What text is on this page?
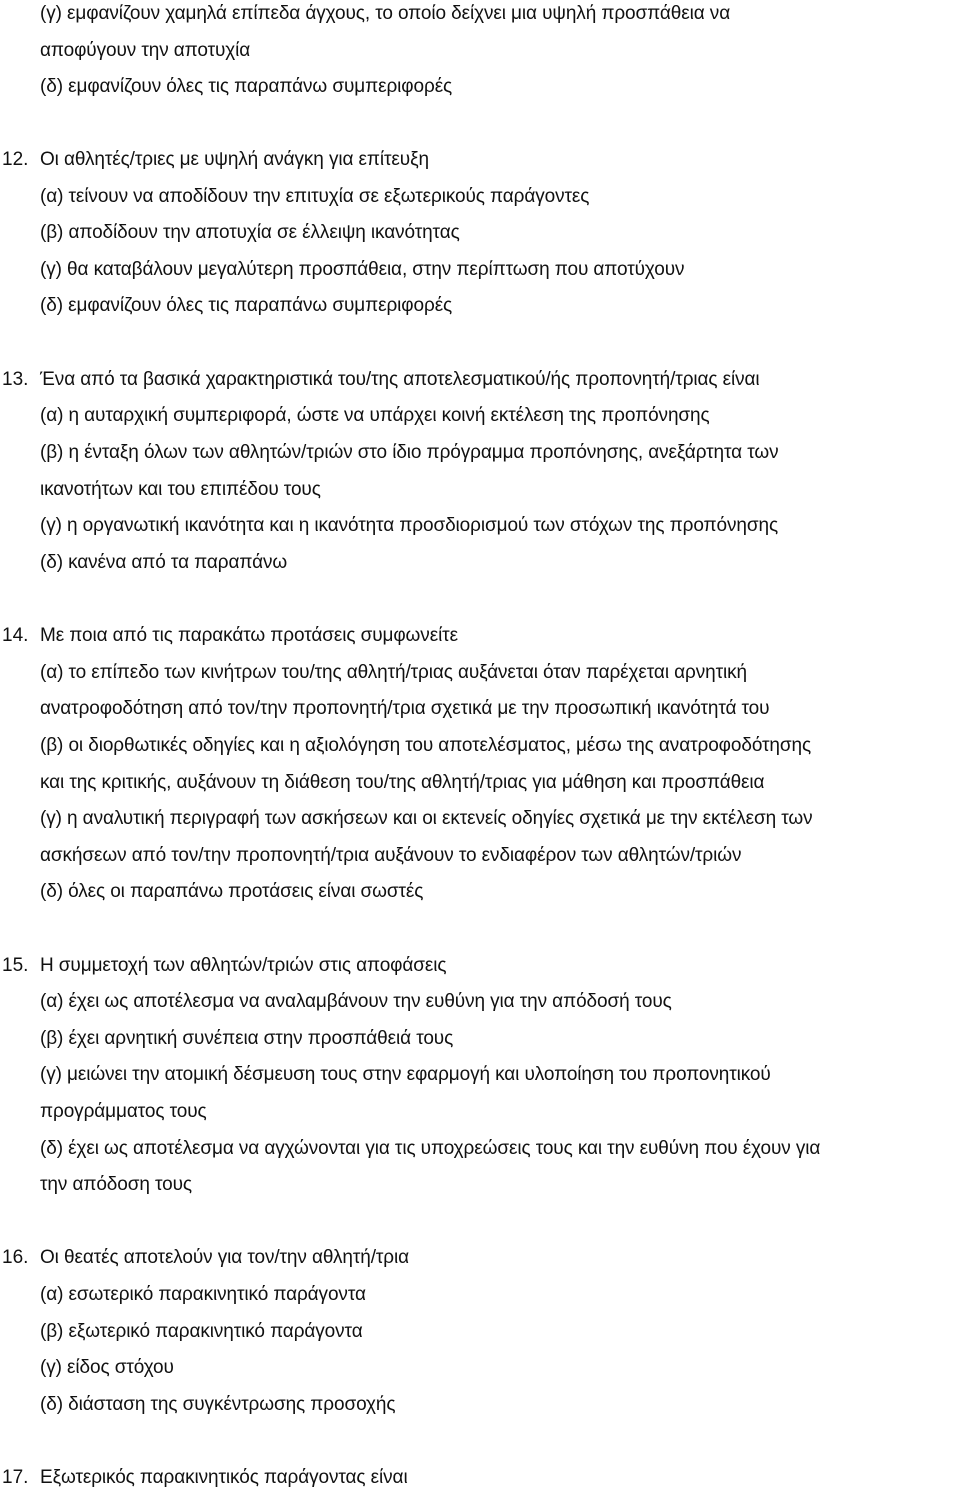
(γ) εμφανίζουν χαμηλά επίπεδα άγχους, το οποίο δείχνει μια υψηλή προσπάθεια να
αποφύγουν την αποτυχία
(δ) εμφανίζουν όλες τις παραπάνω συμπεριφορές
12. Οι αθλητές/τριες με υψηλή ανάγκη για επίτευξη
(α) τείνουν να αποδίδουν την επιτυχία σε εξωτερικούς παράγοντες
(β) αποδίδουν την αποτυχία σε έλλειψη ικανότητας
(γ) θα καταβάλουν μεγαλύτερη προσπάθεια, στην περίπτωση που αποτύχουν
(δ) εμφανίζουν όλες τις παραπάνω συμπεριφορές
13. Ένα από τα βασικά χαρακτηριστικά του/της αποτελεσματικού/ής προπονητή/τριας είναι
(α) η αυταρχική συμπεριφορά, ώστε να υπάρχει κοινή εκτέλεση της προπόνησης
(β) η ένταξη όλων των αθλητών/τριών στο ίδιο πρόγραμμα προπόνησης, ανεξάρτητα των
ικανοτήτων και του επιπέδου τους
(γ) η οργανωτική ικανότητα και η ικανότητα προσδιορισμού των στόχων της προπόνησης
(δ) κανένα από τα παραπάνω
14. Με ποια από τις παρακάτω προτάσεις συμφωνείτε
(α) το επίπεδο των κινήτρων του/της αθλητή/τριας αυξάνεται όταν παρέχεται αρνητική
ανατροφοδότηση από τον/την προπονητή/τρια σχετικά με την προσωπική ικανότητά του
(β) οι διορθωτικές οδηγίες και η αξιολόγηση του αποτελέσματος, μέσω της ανατροφοδότησης
και της κριτικής, αυξάνουν τη διάθεση του/της αθλητή/τριας για μάθηση και προσπάθεια
(γ) η αναλυτική περιγραφή των ασκήσεων και οι εκτενείς οδηγίες σχετικά με την εκτέλεση των
ασκήσεων από τον/την προπονητή/τρια αυξάνουν το ενδιαφέρον των αθλητών/τριών
(δ) όλες οι παραπάνω προτάσεις είναι σωστές
15. Η συμμετοχή των αθλητών/τριών στις αποφάσεις
(α) έχει ως αποτέλεσμα να αναλαμβάνουν την ευθύνη για την απόδοσή τους
(β) έχει αρνητική συνέπεια στην προσπάθειά τους
(γ) μειώνει την ατομική δέσμευση τους στην εφαρμογή και υλοποίηση του προπονητικού
προγράμματος τους
(δ) έχει ως αποτέλεσμα να αγχώνονται για τις υποχρεώσεις τους και την ευθύνη που έχουν για
την απόδοση τους
16. Οι θεατές αποτελούν για τον/την αθλητή/τρια
(α) εσωτερικό παρακινητικό παράγοντα
(β) εξωτερικό παρακινητικό παράγοντα
(γ) είδος στόχου
(δ) διάσταση της συγκέντρωσης προσοχής
17. Εξωτερικός παρακινητικός παράγοντας είναι
